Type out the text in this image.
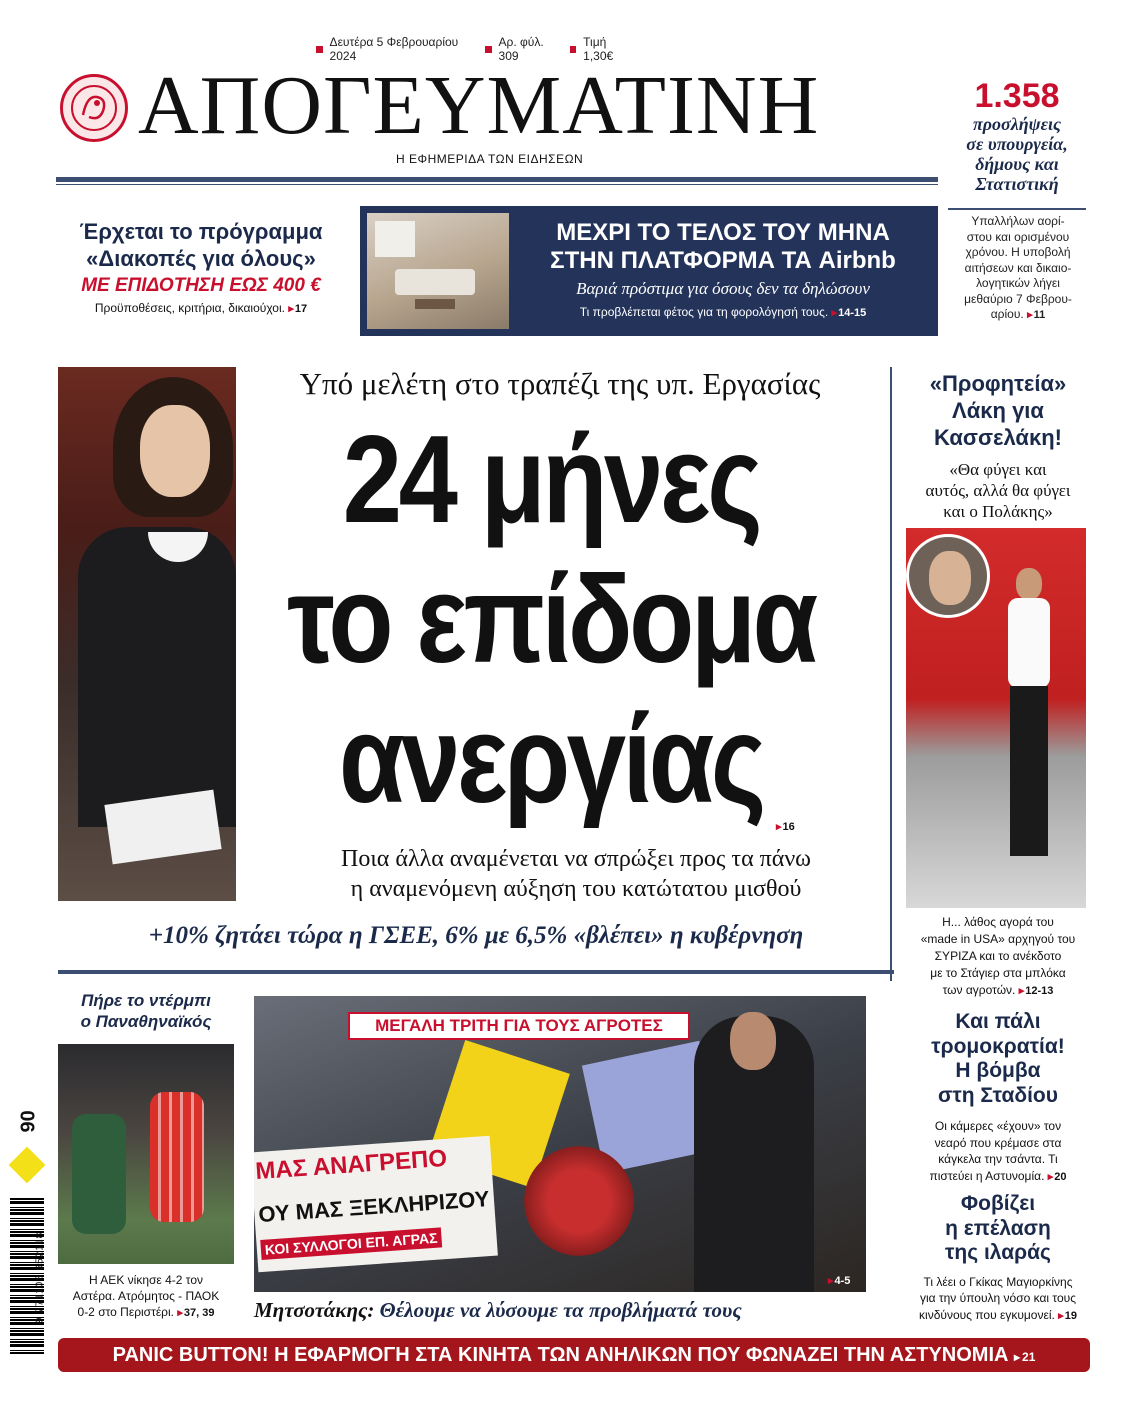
Δευτέρα 5 Φεβρουαρίου 2024
Αρ. φύλ. 309
Τιμή 1,30€
ΑΠΟΓΕΥΜΑΤΙΝΗ
Η ΕΦΗΜΕΡΙΔΑ ΤΩΝ ΕΙΔΗΣΕΩΝ
1.358
προσλήψεις
σε υπουργεία,
δήμους και
Στατιστική
Υπαλλήλων αορί-
στου και ορισμένου
χρόνου. Η υποβολή
αιτήσεων και δικαιο-
λογητικών λήγει
μεθαύριο 7 Φεβρου-
αρίου. ▸ 11
Έρχεται το πρόγραμμα
«Διακοπές για όλους»
ΜΕ ΕΠΙΔΟΤΗΣΗ ΕΩΣ 400 €
Προϋποθέσεις, κριτήρια, δικαιούχοι. ▸ 17
ΜΕΧΡΙ ΤΟ ΤΕΛΟΣ ΤΟΥ ΜΗΝΑ
ΣΤΗΝ ΠΛΑΤΦΟΡΜΑ ΤΑ Airbnb
Βαριά πρόστιμα για όσους δεν τα δηλώσουν
Τι προβλέπεται φέτος για τη φορολόγησή τους. ▸ 14-15
Υπό μελέτη στο τραπέζι της υπ. Εργασίας
24 μήνες
το επίδομα
ανεργίας	▸ 16
Ποια άλλα αναμένεται να σπρώξει προς τα πάνω
η αναμενόμενη αύξηση του κατώτατου μισθού
+10% ζητάει τώρα η ΓΣΕΕ, 6% με 6,5% «βλέπει» η κυβέρνηση
«Προφητεία»
Λάκη για
Κασσελάκη!
«Θα φύγει και
αυτός, αλλά θα φύγει
και ο Πολάκης»
Η... λάθος αγορά του
«made in USA» αρχηγού του
ΣΥΡΙΖΑ και το ανέκδοτο
με το Στάγιερ στα μπλόκα
των αγροτών. ▸ 12-13
Και πάλι
τρομοκρατία!
Η βόμβα
στη Σταδίου
Οι κάμερες «έχουν» τον
νεαρό που κρέμασε στα
κάγκελα την τσάντα. Τι
πιστεύει η Αστυνομία. ▸ 20
Φοβίζει
η επέλαση
της ιλαράς
Τι λέει ο Γκίκας Μαγιορκίνης
για την ύπουλη νόσο και τους
κινδύνους που εγκυμονεί. ▸ 19
Πήρε το ντέρμπι
ο Παναθηναϊκός
Η ΑΕΚ νίκησε 4-2 τον
Αστέρα. Ατρόμητος - ΠΑΟΚ
0-2 στο Περιστέρι. ▸ 37, 39
ΜΑΣ ΑΝΑΓΡΕΠΟ
ΟΥ ΜΑΣ ΞΕΚΛΗΡΙΖΟΥ
ΚΟΙ ΣΥΛΛΟΓΟΙ ΕΠ. ΑΓΡΑΣ
ΜΕΓΑΛΗ ΤΡΙΤΗ ΓΙΑ ΤΟΥΣ ΑΓΡΟΤΕΣ
▸ 4-5
Μητσοτάκης: Θέλουμε να λύσουμε τα προβλήματά τους
90
9 771108 652118
PANIC BUTTON! Η ΕΦΑΡΜΟΓΗ ΣΤΑ ΚΙΝΗΤΑ ΤΩΝ ΑΝΗΛΙΚΩΝ ΠΟΥ ΦΩΝΑΖΕΙ ΤΗΝ ΑΣΤΥΝΟΜΙΑ ▸ 21
